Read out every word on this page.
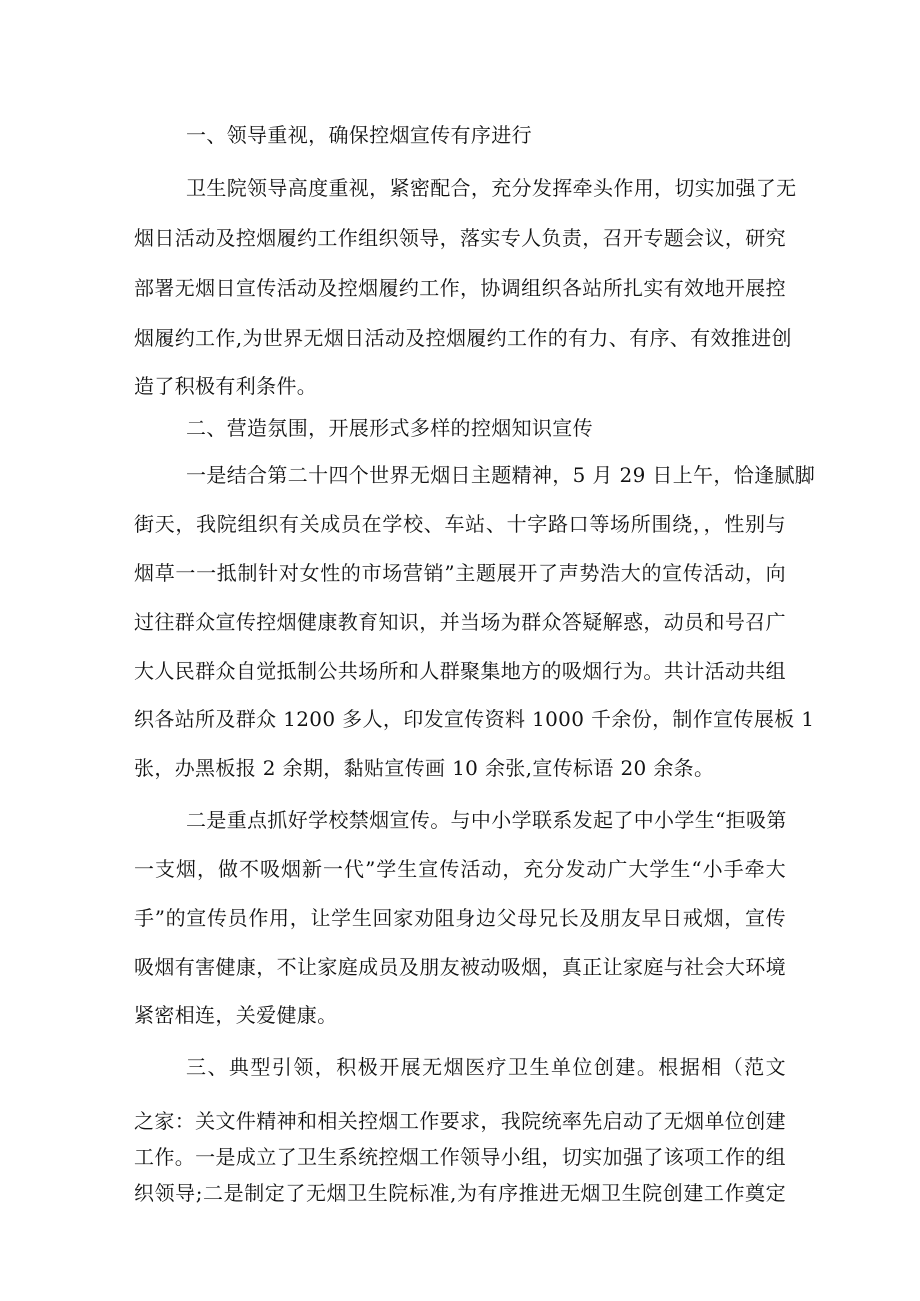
一、领导重视，确保控烟宣传有序进行
卫生院领导高度重视，紧密配合，充分发挥牵头作用，切实加强了无
烟日活动及控烟履约工作组织领导，落实专人负责，召开专题会议，研究
部署无烟日宣传活动及控烟履约工作，协调组织各站所扎实有效地开展控
烟履约工作,为世界无烟日活动及控烟履约工作的有力、有序、有效推进创
造了积极有利条件。
二、营造氛围，开展形式多样的控烟知识宣传
一是结合第二十四个世界无烟日主题精神，5 月 29 日上午，恰逢腻脚
街天，我院组织有关成员在学校、车站、十字路口等场所围绕，，性别与
烟草一一抵制针对女性的市场营销”主题展开了声势浩大的宣传活动，向
过往群众宣传控烟健康教育知识，并当场为群众答疑解惑，动员和号召广
大人民群众自觉抵制公共场所和人群聚集地方的吸烟行为。共计活动共组
织各站所及群众 1200 多人，印发宣传资料 1000 千余份，制作宣传展板 1
张，办黑板报 2 余期，黏贴宣传画 10 余张,宣传标语 20 余条。
二是重点抓好学校禁烟宣传。与中小学联系发起了中小学生“拒吸第
一支烟，做不吸烟新一代”学生宣传活动，充分发动广大学生“小手牵大
手”的宣传员作用，让学生回家劝阻身边父母兄长及朋友早日戒烟，宣传
吸烟有害健康，不让家庭成员及朋友被动吸烟，真正让家庭与社会大环境
紧密相连，关爱健康。
三、典型引领，积极开展无烟医疗卫生单位创建。根据相（范文
之家：关文件精神和相关控烟工作要求，我院统率先启动了无烟单位创建
工作。一是成立了卫生系统控烟工作领导小组，切实加强了该项工作的组
织领导;二是制定了无烟卫生院标准,为有序推进无烟卫生院创建工作奠定
